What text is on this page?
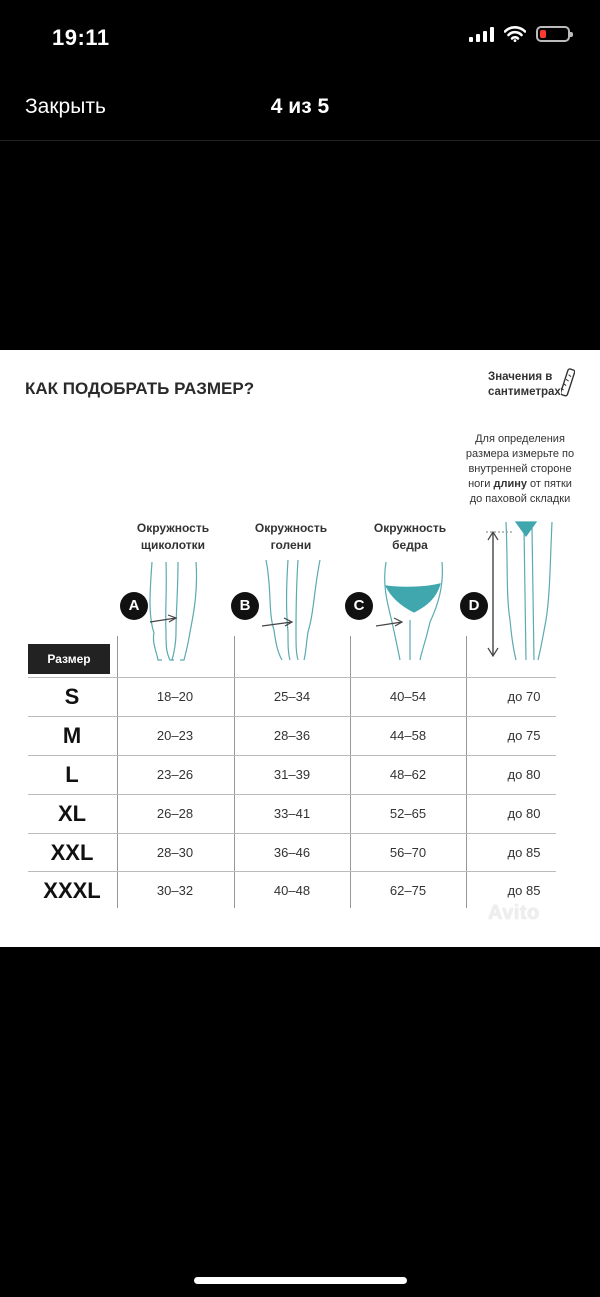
19:11
Закрыть	4 из 5
КАК ПОДОБРАТЬ РАЗМЕР?
Значения в
сантиметрах
Для определения
размера измерьте по
внутренней стороне
ноги длину от пятки
до паховой складки
Окружность
щиколотки
Окружность
голени
Окружность
бедра
A	B	C	D
Размер
S	18–20	25–34	40–54	до 70
M	20–23	28–36	44–58	до 75
L	23–26	31–39	48–62	до 80
XL	26–28	33–41	52–65	до 80
XXL	28–30	36–46	56–70	до 85
XXXL	30–32	40–48	62–75	до 85
Avito
